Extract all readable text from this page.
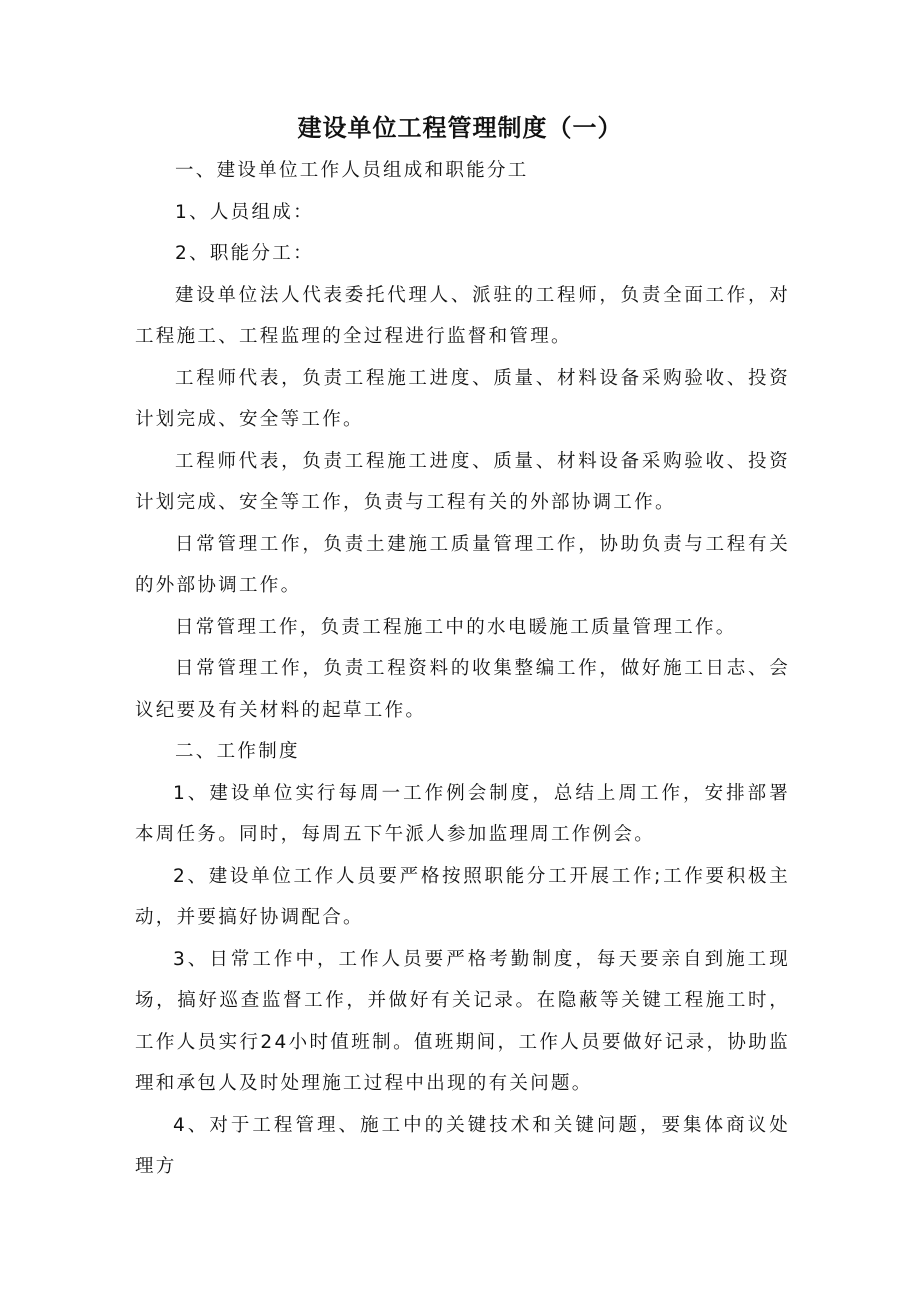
建设单位工程管理制度（一）

一、建设单位工作人员组成和职能分工

1、人员组成：

2、职能分工：

建设单位法人代表委托代理人、派驻的工程师，负责全面工作，对工程施工、工程监理的全过程进行监督和管理。

工程师代表，负责工程施工进度、质量、材料设备采购验收、投资计划完成、安全等工作。

工程师代表，负责工程施工进度、质量、材料设备采购验收、投资计划完成、安全等工作，负责与工程有关的外部协调工作。

日常管理工作，负责土建施工质量管理工作，协助负责与工程有关的外部协调工作。

日常管理工作，负责工程施工中的水电暖施工质量管理工作。

日常管理工作，负责工程资料的收集整编工作，做好施工日志、会议纪要及有关材料的起草工作。

二、工作制度

1、建设单位实行每周一工作例会制度，总结上周工作，安排部署本周任务。同时，每周五下午派人参加监理周工作例会。

2、建设单位工作人员要严格按照职能分工开展工作;工作要积极主动，并要搞好协调配合。

3、日常工作中，工作人员要严格考勤制度，每天要亲自到施工现场，搞好巡查监督工作，并做好有关记录。在隐蔽等关键工程施工时，工作人员实行24小时值班制。值班期间，工作人员要做好记录，协助监理和承包人及时处理施工过程中出现的有关问题。

4、对于工程管理、施工中的关键技术和关键问题，要集体商议处理方
